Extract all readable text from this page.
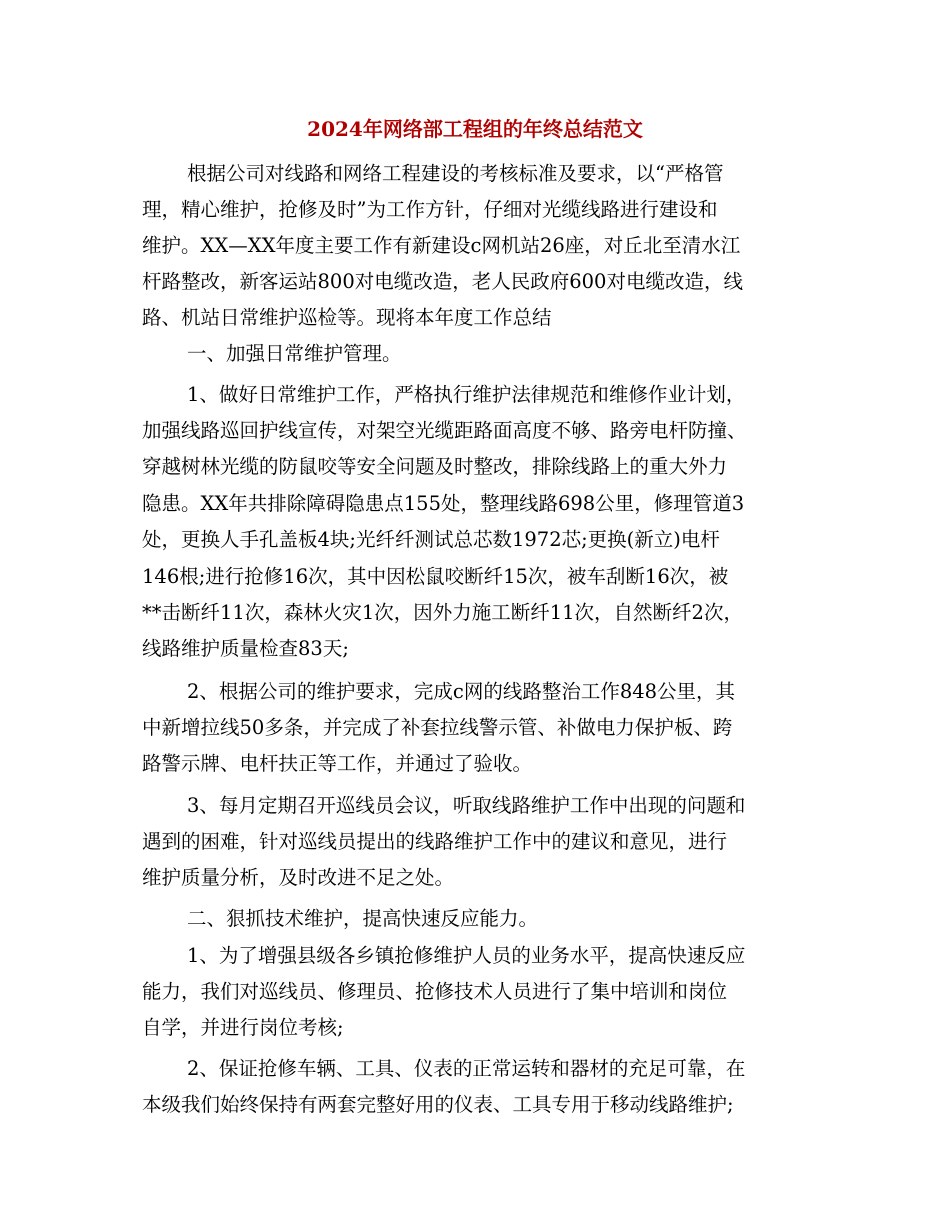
2024年网络部工程组的年终总结范文
根据公司对线路和网络工程建设的考核标准及要求，以“严格管
理，精心维护，抢修及时”为工作方针，仔细对光缆线路进行建设和
维护。XX—XX年度主要工作有新建设c网机站26座，对丘北至清水江
杆路整改，新客运站800对电缆改造，老人民政府600对电缆改造，线
路、机站日常维护巡检等。现将本年度工作总结
一、加强日常维护管理。
1、做好日常维护工作，严格执行维护法律规范和维修作业计划，
加强线路巡回护线宣传，对架空光缆距路面高度不够、路旁电杆防撞、
穿越树林光缆的防鼠咬等安全问题及时整改，排除线路上的重大外力
隐患。XX年共排除障碍隐患点155处，整理线路698公里，修理管道3
处，更换人手孔盖板4块;光纤纤测试总芯数1972芯;更换(新立)电杆
146根;进行抢修16次，其中因松鼠咬断纤15次，被车刮断16次，被
**击断纤11次，森林火灾1次，因外力施工断纤11次，自然断纤2次，
线路维护质量检查83天;
2、根据公司的维护要求，完成c网的线路整治工作848公里，其
中新增拉线50多条，并完成了补套拉线警示管、补做电力保护板、跨
路警示牌、电杆扶正等工作，并通过了验收。
3、每月定期召开巡线员会议，听取线路维护工作中出现的问题和
遇到的困难，针对巡线员提出的线路维护工作中的建议和意见，进行
维护质量分析，及时改进不足之处。
二、狠抓技术维护，提高快速反应能力。
1、为了增强县级各乡镇抢修维护人员的业务水平，提高快速反应
能力，我们对巡线员、修理员、抢修技术人员进行了集中培训和岗位
自学，并进行岗位考核;
2、保证抢修车辆、工具、仪表的正常运转和器材的充足可靠，在
本级我们始终保持有两套完整好用的仪表、工具专用于移动线路维护;
